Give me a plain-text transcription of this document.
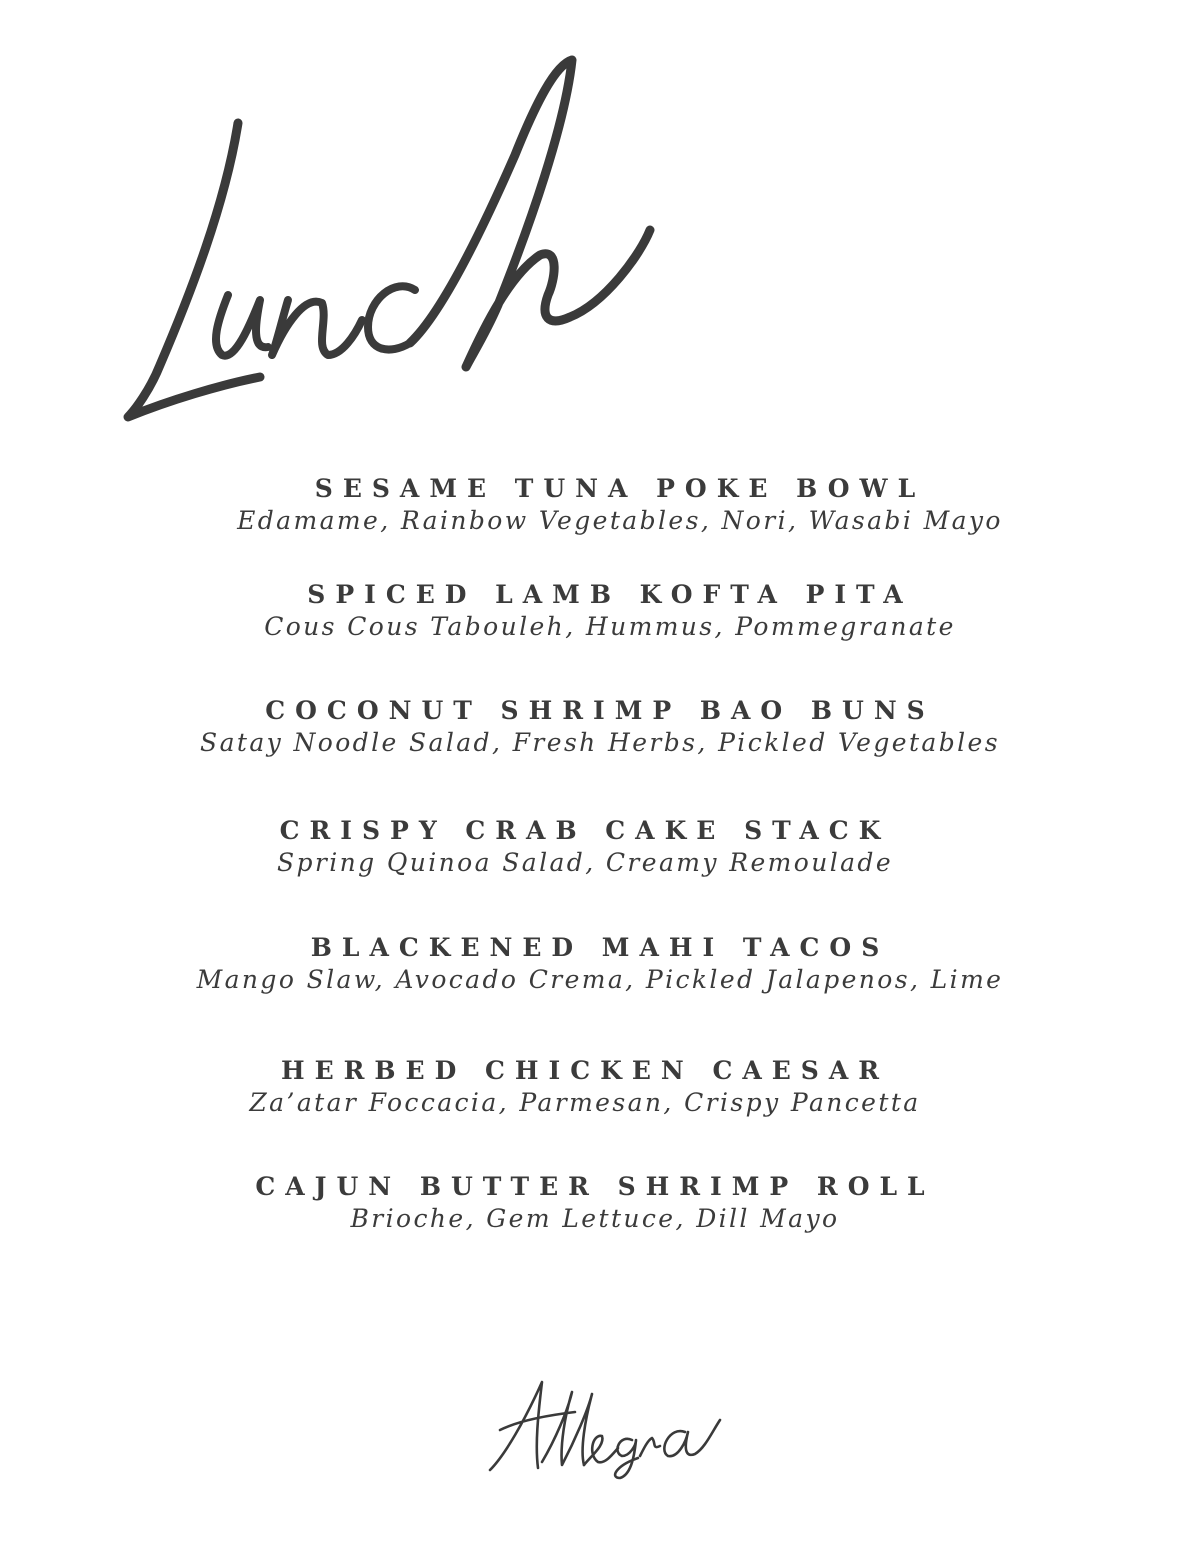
SESAME TUNA POKE BOWL
Edamame, Rainbow Vegetables, Nori, Wasabi Mayo
SPICED LAMB KOFTA PITA
Cous Cous Tabouleh, Hummus, Pommegranate
COCONUT SHRIMP BAO BUNS
Satay Noodle Salad, Fresh Herbs, Pickled Vegetables
CRISPY CRAB CAKE STACK
Spring Quinoa Salad, Creamy Remoulade
BLACKENED MAHI TACOS
Mango Slaw, Avocado Crema, Pickled Jalapenos, Lime
HERBED CHICKEN CAESAR
Za’atar Foccacia, Parmesan, Crispy Pancetta
CAJUN BUTTER SHRIMP ROLL
Brioche, Gem Lettuce, Dill Mayo
